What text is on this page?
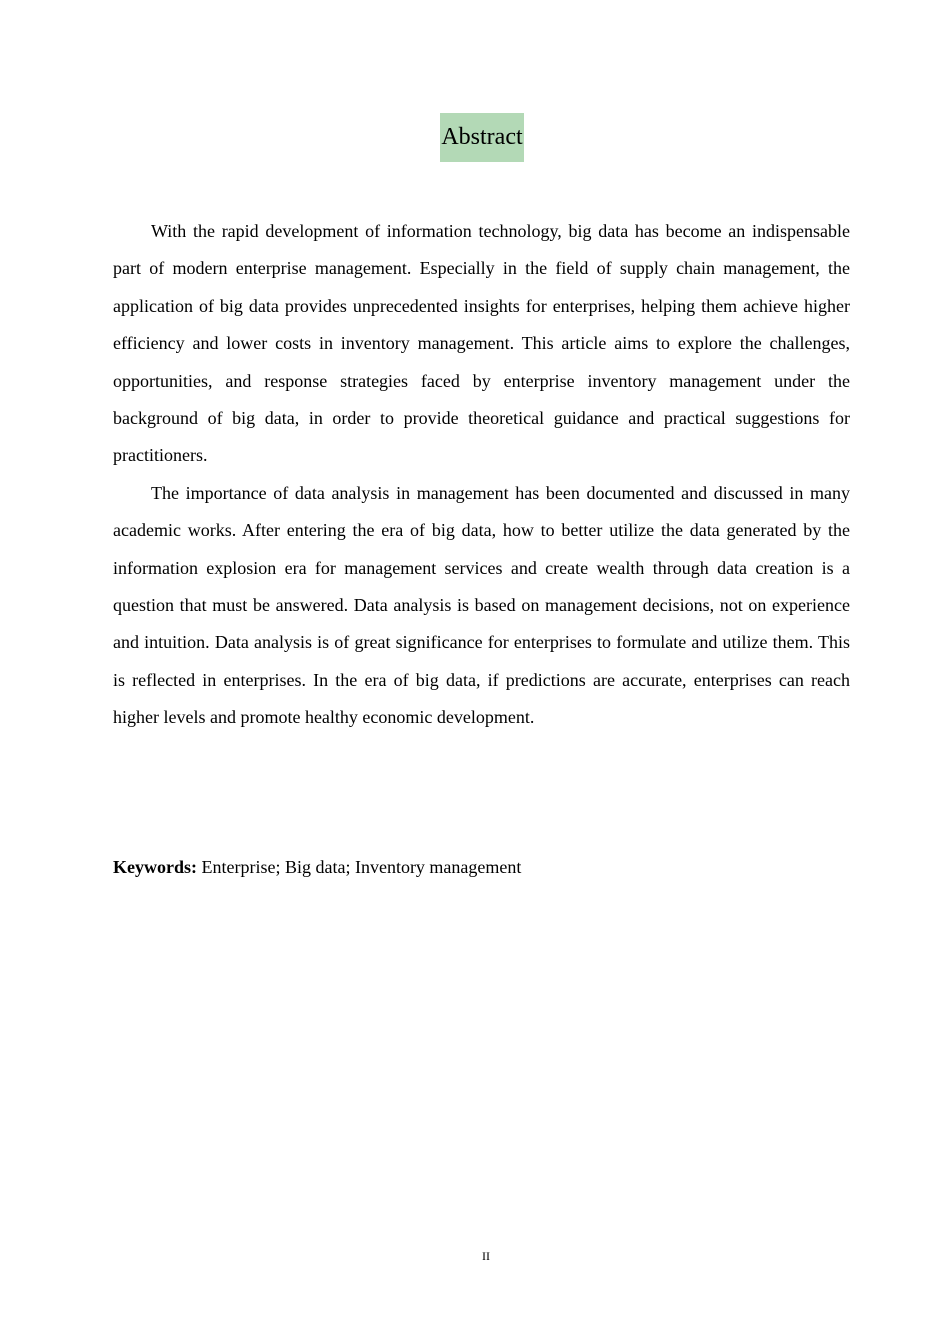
Abstract

With the rapid development of information technology, big data has become an indispensable part of modern enterprise management. Especially in the field of supply chain management, the application of big data provides unprecedented insights for enterprises, helping them achieve higher efficiency and lower costs in inventory management. This article aims to explore the challenges, opportunities, and response strategies faced by enterprise inventory management under the background of big data, in order to provide theoretical guidance and practical suggestions for practitioners.

The importance of data analysis in management has been documented and discussed in many academic works. After entering the era of big data, how to better utilize the data generated by the information explosion era for management services and create wealth through data creation is a question that must be answered. Data analysis is based on management decisions, not on experience and intuition. Data analysis is of great significance for enterprises to formulate and utilize them. This is reflected in enterprises. In the era of big data, if predictions are accurate, enterprises can reach higher levels and promote healthy economic development.

Keywords: Enterprise; Big data; Inventory management
II
